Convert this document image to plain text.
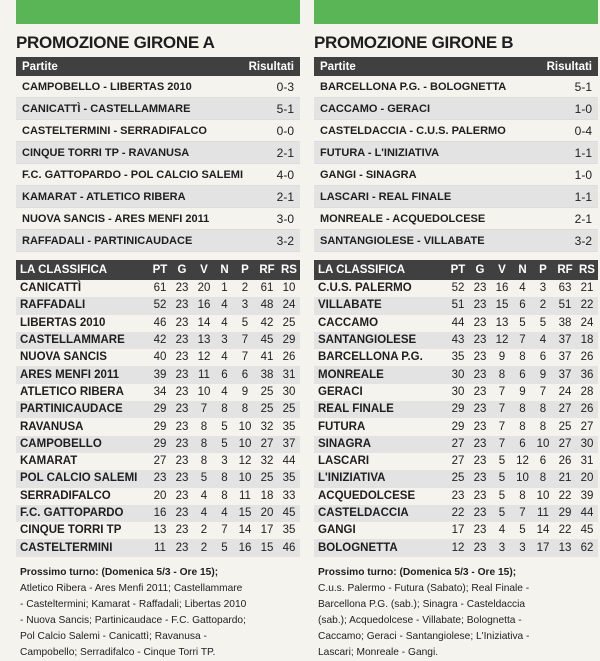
PROMOZIONE GIRONE A
Partite	Risultati
CAMPOBELLO - LIBERTAS 2010	0-3
CANICATTÌ - CASTELLAMMARE	5-1
CASTELTERMINI - SERRADIFALCO	0-0
CINQUE TORRI TP - RAVANUSA	2-1
F.C. GATTOPARDO - POL CALCIO SALEMI	4-0
KAMARAT - ATLETICO RIBERA	2-1
NUOVA SANCIS - ARES MENFI 2011	3-0
RAFFADALI - PARTINICAUDACE	3-2
LA CLASSIFICA	PT	G	V	N	P	RF	RS
CANICATTÌ	61	23	20	1	2	61	10
RAFFADALI	52	23	16	4	3	48	24
LIBERTAS 2010	46	23	14	4	5	42	25
CASTELLAMMARE	42	23	13	3	7	45	29
NUOVA SANCIS	40	23	12	4	7	41	26
ARES MENFI 2011	39	23	11	6	6	38	31
ATLETICO RIBERA	34	23	10	4	9	25	30
PARTINICAUDACE	29	23	7	8	8	25	25
RAVANUSA	29	23	8	5	10	32	35
CAMPOBELLO	29	23	8	5	10	27	37
KAMARAT	27	23	8	3	12	32	44
POL CALCIO SALEMI	23	23	5	8	10	25	35
SERRADIFALCO	20	23	4	8	11	18	33
F.C. GATTOPARDO	16	23	4	4	15	20	45
CINQUE TORRI TP	13	23	2	7	14	17	35
CASTELTERMINI	11	23	2	5	16	15	46
Prossimo turno: (Domenica 5/3 - Ore 15);
Atletico Ribera - Ares Menfi 2011; Castellammare
- Casteltermini; Kamarat - Raffadali; Libertas 2010
- Nuova Sancis; Partinicaudace - F.C. Gattopardo;
Pol Calcio Salemi - Canicattì; Ravanusa -
Campobello; Serradifalco - Cinque Torri TP.
PROMOZIONE GIRONE B
Partite	Risultati
BARCELLONA P.G. - BOLOGNETTA	5-1
CACCAMO - GERACI	1-0
CASTELDACCIA - C.U.S. PALERMO	0-4
FUTURA - L'INIZIATIVA	1-1
GANGI - SINAGRA	1-0
LASCARI - REAL FINALE	1-1
MONREALE - ACQUEDOLCESE	2-1
SANTANGIOLESE - VILLABATE	3-2
LA CLASSIFICA	PT	G	V	N	P	RF	RS
C.U.S. PALERMO	52	23	16	4	3	63	21
VILLABATE	51	23	15	6	2	51	22
CACCAMO	44	23	13	5	5	38	24
SANTANGIOLESE	43	23	12	7	4	37	18
BARCELLONA P.G.	35	23	9	8	6	37	26
MONREALE	30	23	8	6	9	37	36
GERACI	30	23	7	9	7	24	28
REAL FINALE	29	23	7	8	8	27	26
FUTURA	29	23	7	8	8	25	27
SINAGRA	27	23	7	6	10	27	30
LASCARI	27	23	5	12	6	26	31
L'INIZIATIVA	25	23	5	10	8	21	20
ACQUEDOLCESE	23	23	5	8	10	22	39
CASTELDACCIA	22	23	5	7	11	29	44
GANGI	17	23	4	5	14	22	45
BOLOGNETTA	12	23	3	3	17	13	62
Prossimo turno: (Domenica 5/3 - Ore 15);
C.u.s. Palermo - Futura (Sabato); Real Finale -
Barcellona P.G. (sab.); Sinagra - Casteldaccia
(sab.); Acquedolcese - Villabate; Bolognetta -
Caccamo; Geraci - Santangiolese; L'Iniziativa -
Lascari; Monreale - Gangi.
